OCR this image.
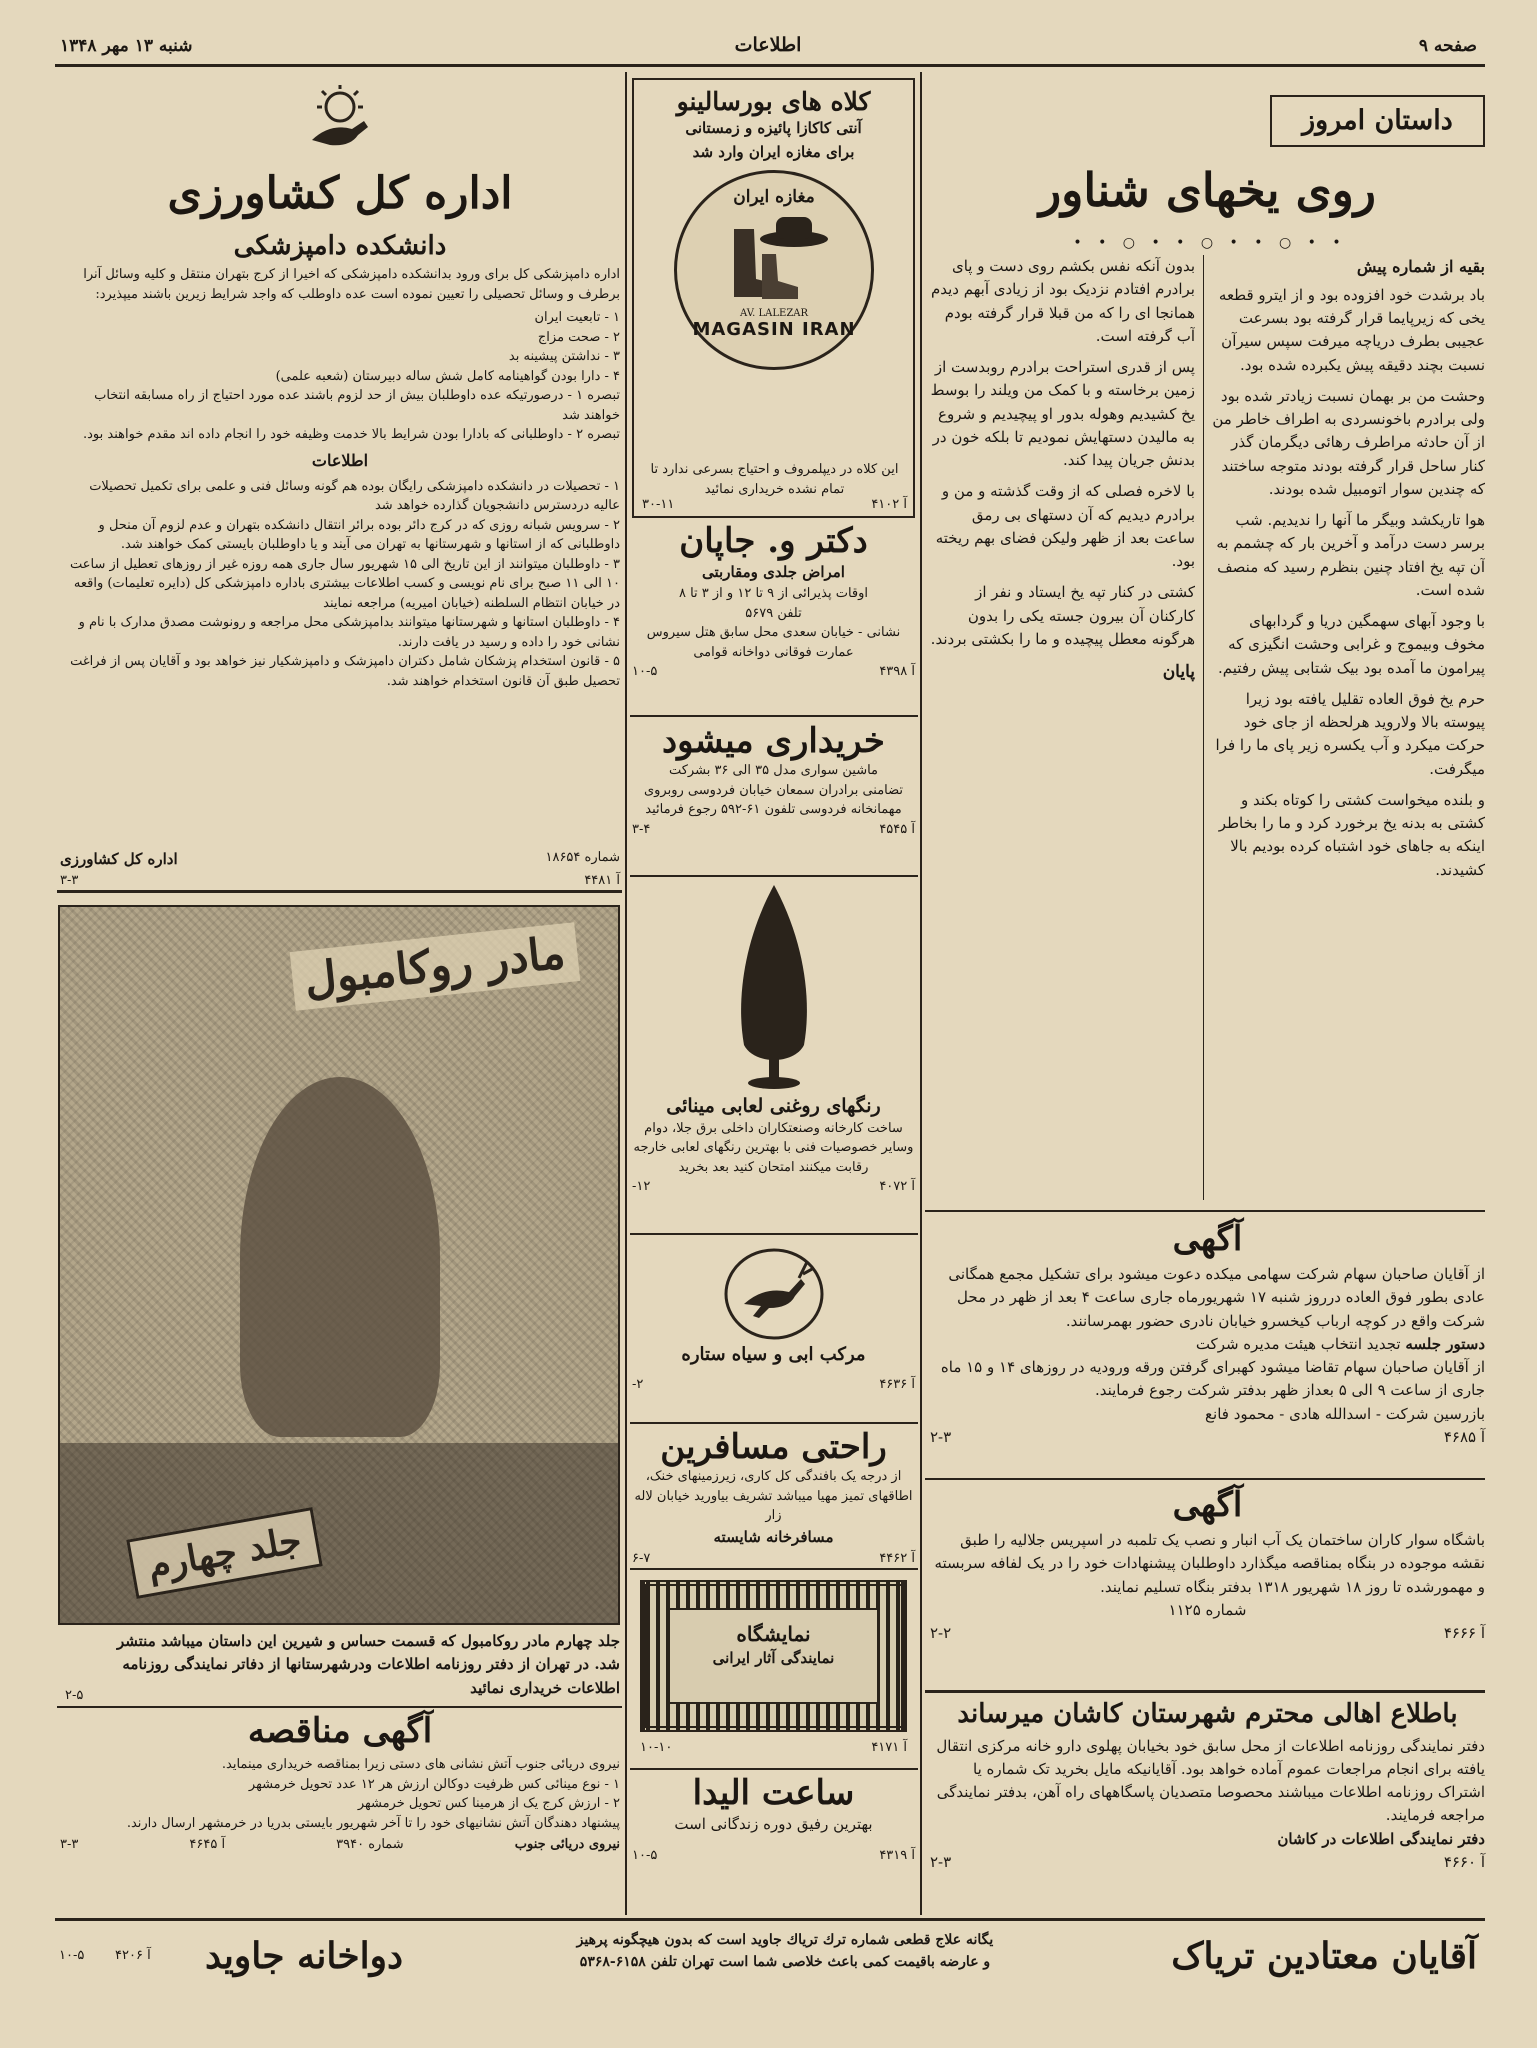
صفحه ۹
اطلاعات
شنبه ۱۳ مهر ۱۳۴۸
داستان امروز
روی یخهای شناور
• • ○ • • ○ • • ○ • •
بقیه از شماره پیش

باد برشدت خود افزوده بود و از ایترو قطعه یخی که زیرپایما قرار گرفته بود بسرعت عجیبی بطرف دریاچه میرفت سپس سیرآن نسبت بچند دقیقه پیش یکبرده شده بود.

وحشت من بر بهمان نسبت زیادتر شده بود ولی برادرم باخونسردی به اطراف خاطر من از آن حادثه مراطرف رهائی دیگرمان گذر کنار ساحل قرار گرفته بودند متوجه ساختند که چندین سوار اتومبیل شده بودند.

هوا تاریکشد وبیگر ما آنها را ندیدیم. شب برسر دست درآمد و آخرین بار که چشمم به آن تپه یخ افتاد چنین بنظرم رسید که منصف شده است.

با وجود آبهای سهمگین دریا و گردابهای مخوف وبیموج و غرابی وحشت انگیزی که پیرامون ما آمده بود بیک شتابی پیش رفتیم.

حرم یخ فوق العاده تقلیل یافته بود زیرا پیوسته بالا ولاروید هرلحظه از جای خود حرکت میکرد و آب یکسره زیر پای ما را فرا میگرفت.

و بلنده میخواست کشتی را کوتاه بکند و کشتی به بدنه یخ برخورد کرد و ما را بخاطر اینکه به جاهای خود اشتباه کرده بودیم بالا کشیدند.

بدون آنکه نفس بکشم روی دست و پای برادرم افتادم نزدیک بود از زیادی آبهم دیدم همانجا ای را که من قبلا قرار گرفته بودم آب گرفته است.

پس از قدری استراحت برادرم روبدست از زمین برخاسته و با کمک من ویلند را بوسط یخ کشیدیم وهوله بدور او پیچیدیم و شروع به مالیدن دستهایش نمودیم تا بلکه خون در بدنش جریان پیدا کند.

با لاخره فصلی که از وقت گذشته و من و برادرم دیدیم که آن دستهای بی رمق ساعت بعد از ظهر ولیکن فضای بهم ریخته بود.

کشتی در کنار تپه یخ ایستاد و نفر از کارکنان آن بیرون جسته یکی را بدون هرگونه معطل پیچیده و ما را بکشتی بردند.

پایان
آگهی
از آقایان صاحبان سهام شرکت سهامی میکده دعوت میشود برای تشکیل مجمع همگانی عادی بطور فوق العاده درروز شنبه ۱۷ شهریورماه جاری ساعت ۴ بعد از ظهر در محل شرکت واقع در کوچه ارباب کیخسرو خیابان نادری حضور بهمرسانند.
دستور جلسه تجدید انتخاب هیئت مدیره شرکت
از آقایان صاحبان سهام تقاضا میشود کهبرای گرفتن ورقه ورودیه در روزهای ۱۴ و ۱۵ ماه جاری از ساعت ۹ الی ۵ بعداز ظهر بدفتر شرکت رجوع فرمایند.
بازرسین شرکت - اسدالله هادی - محمود فانع
آ ۴۶۸۵
۲-۳
آگهی
باشگاه سوار کاران ساختمان یک آب انبار و نصب یک تلمبه در اسپریس جلالیه را طبق نقشه موجوده در بنگاه بمناقصه میگذارد داوطلبان پیشنهادات خود را در یک لفافه سربسته و مهمورشده تا روز ۱۸ شهریور ۱۳۱۸ بدفتر بنگاه تسلیم نمایند.
شماره ۱۱۲۵
آ ۴۶۶۶
۲-۲
باطلاع اهالی محترم شهرستان کاشان میرساند
دفتر نمایندگی روزنامه اطلاعات از محل سابق خود بخیابان پهلوی دارو خانه مرکزی انتقال یافته برای انجام مراجعات عموم آماده خواهد بود. آقایانیکه مایل بخرید تک شماره یا اشتراک روزنامه اطلاعات میباشند محصوصا متصدیان پاسگاههای راه آهن، بدفتر نمایندگی مراجعه فرمایند.
دفتر نمایندگی اطلاعات در کاشان
آ ۴۶۶۰
۲-۳
کلاه های بورسالینو
آنتی کاکازا پائیزه و زمستانی
برای مغازه ایران وارد شد
مغازه ایران
AV. LALEZAR
MAGASIN IRAN
این کلاه در دیپلمروف و احتیاج بسرعی ندارد تا تمام نشده خریداری نمائید
آ ۴۱۰۲
۳۰-۱۱
دکتر و. جاپان
امراض جلدی ومقاربتی
اوقات پذیرائی از ۹ تا ۱۲ و از ۳ تا ۸
تلفن ۵۶۷۹
نشانی - خیابان سعدی محل سابق هتل سیروس عمارت فوقانی دواخانه قوامی
آ ۴۳۹۸
۱۰-۵
خریداری میشود
ماشین سواری مدل ۳۵ الی ۳۶ بشرکت
تضامنی برادران سمعان خیابان فردوسی روبروی
مهمانخانه فردوسی تلفون ۶۱-۵۹۲ رجوع فرمائید
آ ۴۵۴۵
۳-۴
رنگهای روغنی لعابی مینائی
ساخت کارخانه وصنعتکاران داخلی برق جلا، دوام وسایر خصوصیات فنی با بهترین رنگهای لعابی خارجه رقابت میکنند امتحان کنید بعد بخرید
آ ۴۰۷۲
۱۲-
مرکب ابی و سیاه ستاره
آ ۴۶۳۶
۲-
راحتی مسافرین
از درجه یک بافندگی کل کاری، زیرزمینهای خنک، اطاقهای تمیز مهیا میباشد تشریف بیاورید خیابان لاله زار
مسافرخانه شایسته
آ ۴۴۶۲
۶-۷
نمایشگاه
نمایندگی آثار ایرانی
آ ۴۱۷۱
۱۰-۱۰
ساعت الیدا
بهترین رفیق دوره زندگانی است
آ ۴۳۱۹
۱۰-۵
اداره کل کشاورزی
دانشکده دامپزشکی

اداره دامپزشکی کل برای ورود بدانشکده دامپزشکی که اخیرا از کرج بتهران منتقل و کلیه وسائل آنرا برطرف و وسائل تحصیلی را تعیین نموده است عده داوطلب که واجد شرایط زیرین باشند میپذیرد:

۱ - تابعیت ایران
۲ - صحت مزاج
۳ - نداشتن پیشینه بد
۴ - دارا بودن گواهینامه کامل شش ساله دبیرستان (شعبه علمی)
تبصره ۱ - درصورتیکه عده داوطلبان بیش از حد لزوم باشند عده مورد احتیاج از راه مسابقه انتخاب خواهند شد
تبصره ۲ - داوطلبانی که بادارا بودن شرایط بالا خدمت وظیفه خود را انجام داده اند مقدم خواهند بود.
اطلاعات
۱ - تحصیلات در دانشکده دامپزشکی رایگان بوده هم گونه وسائل فنی و علمی برای تکمیل تحصیلات عالیه دردسترس دانشجویان گذارده خواهد شد
۲ - سرویس شبانه روزی که در کرج دائر بوده برائر انتقال دانشکده بتهران و عدم لزوم آن منحل و داوطلبانی که از استانها و شهرستانها به تهران می آیند و یا داوطلبان بایستی کمک خواهند شد.
۳ - داوطلبان میتوانند از این تاریخ الی ۱۵ شهریور سال جاری همه روزه غیر از روزهای تعطیل از ساعت ۱۰ الی ۱۱ صبح برای نام نویسی و کسب اطلاعات بیشتری باداره دامپزشکی کل (دایره تعلیمات) واقعه در خیابان انتظام السلطنه (خیابان امیریه) مراجعه نمایند
۴ - داوطلبان استانها و شهرستانها میتوانند بدامپزشکی محل مراجعه و رونوشت مصدق مدارک با نام و نشانی خود را داده و رسید در یافت دارند.
۵ - قانون استخدام پزشکان شامل دکتران دامپزشک و دامپزشکیار نیز خواهد بود و آقایان پس از فراغت تحصیل طبق آن قانون استخدام خواهند شد.
شماره ۱۸۶۵۴
اداره کل کشاورزی
آ ۴۴۸۱
۳-۳
مادر روکامبول
جلد چهارم
جلد چهارم مادر روکامبول که قسمت حساس و شیرین این داستان میباشد منتشر شد. در تهران از دفتر روزنامه اطلاعات ودرشهرستانها از دفاتر نمایندگی روزنامه اطلاعات خریداری نمائید
۲-۵
آگهی مناقصه
نیروی دریائی جنوب آتش نشانی های دستی زیرا بمناقصه خریداری مینماید.
۱ - نوع مینائی کس ظرفیت دوکالن ارزش هر ۱۲ عدد تحویل خرمشهر
۲ - ارزش کرج یک از هرمینا کس تحویل خرمشهر
پیشنهاد دهندگان آتش نشانیهای خود را تا آخر شهریور بایستی بدریا در خرمشهر ارسال دارند.
نیروی دریائی جنوب
شماره ۳۹۴۰
آ ۴۶۴۵
۳-۳
آقایان معتادین تریاک
یگانه علاج قطعی شماره ترك تریاك جاوید است كه بدون هیچگونه پرهیز
و عارضه باقیمت كمی باعث خلاصی شما است تهران تلفن ۶۱۵۸-۵۳۶۸
دواخانه جاوید
آ ۴۲۰۶
۱۰-۵
